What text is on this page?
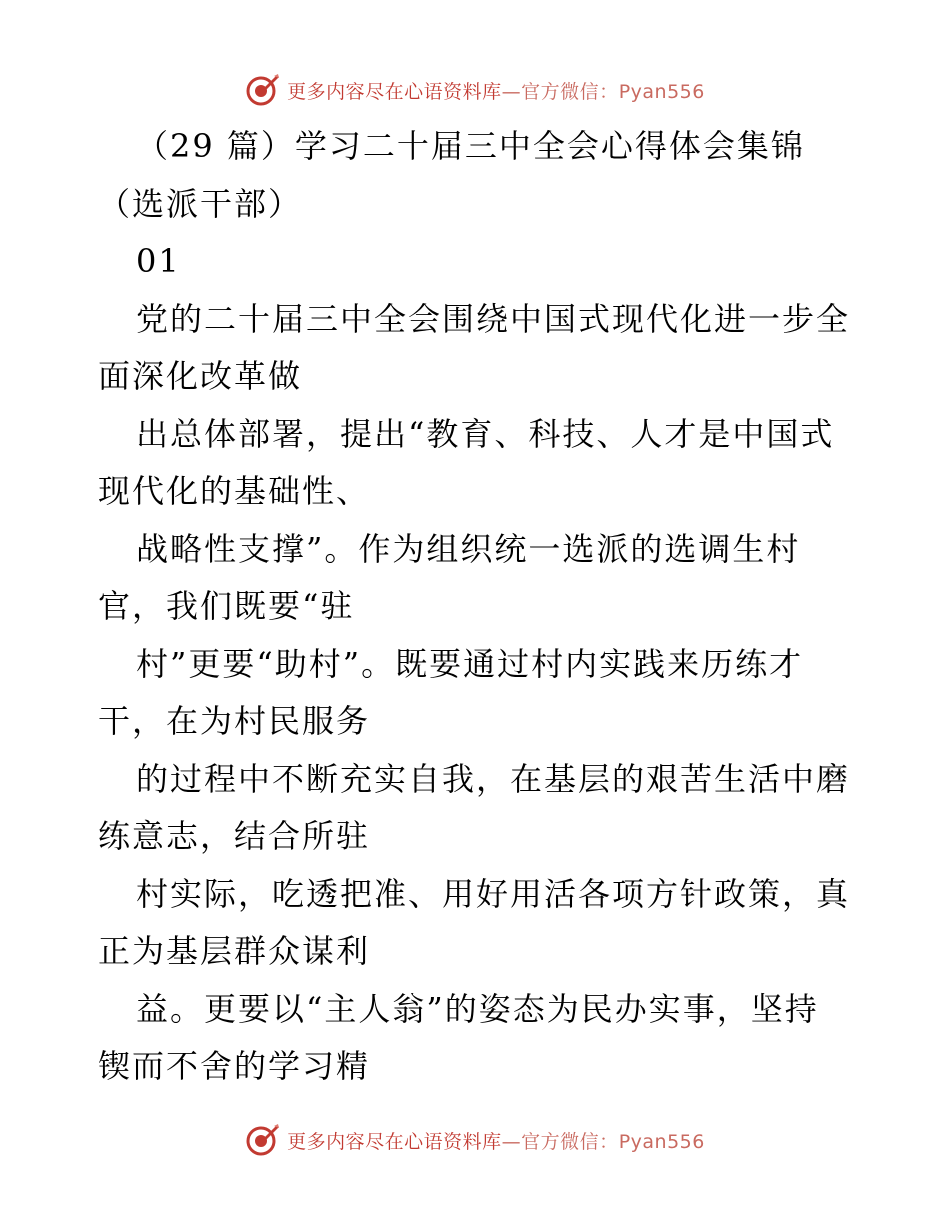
更多内容尽在心语资料库—官方微信：Pyan556

（29 篇）学习二十届三中全会心得体会集锦

（选派干部）

01

党的二十届三中全会围绕中国式现代化进一步全

面深化改革做

出总体部署，提出“教育、科技、人才是中国式

现代化的基础性、

战略性支撑”。作为组织统一选派的选调生村

官，我们既要“驻

村”更要“助村”。既要通过村内实践来历练才

干，在为村民服务

的过程中不断充实自我，在基层的艰苦生活中磨

练意志，结合所驻

村实际，吃透把准、用好用活各项方针政策，真

正为基层群众谋利

益。更要以“主人翁”的姿态为民办实事，坚持

锲而不舍的学习精

更多内容尽在心语资料库—官方微信：Pyan556
